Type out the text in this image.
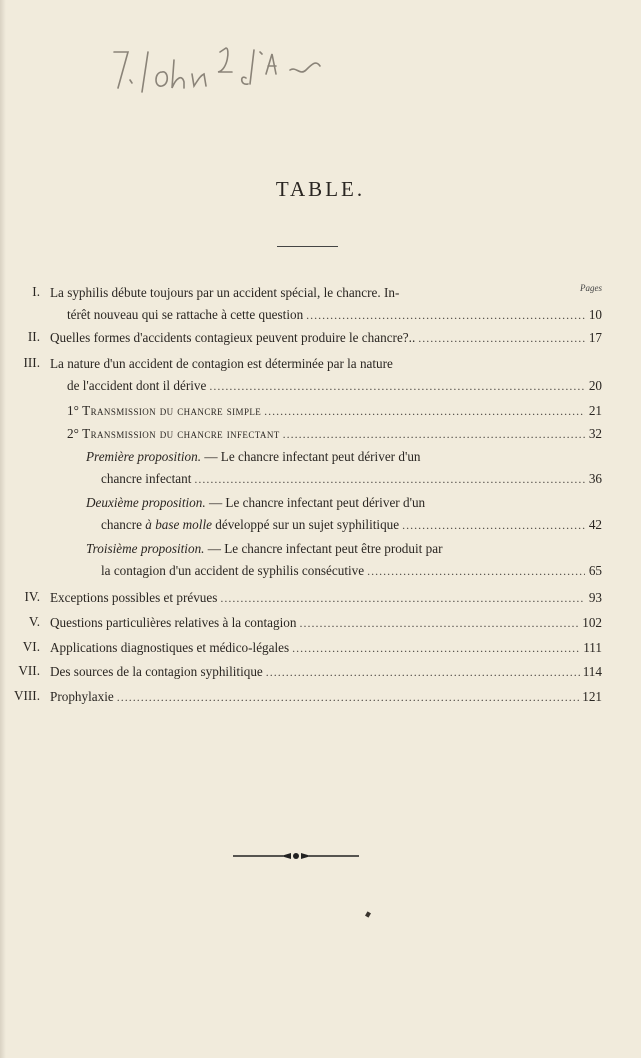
TABLE.
Pages
I. La syphilis débute toujours par un accident spécial, le chancre. In-
térêt nouveau qui se rattache à cette question .....	10
II. Quelles formes d'accidents contagieux peuvent produire le chancre?.. .....	17
III. La nature d'un accident de contagion est déterminée par la nature
de l'accident dont il dérive .....	20
1°
Transmission du chancre simple .....	21
2°
Transmission du chancre infectant .....	32
Première proposition.
— Le chancre infectant peut dériver d'un
chancre infectant .....	36
Deuxième proposition.
— Le chancre infectant peut dériver d'un
chancre
à base molle
développé sur un sujet syphilitique .....	42
Troisième proposition.
— Le chancre infectant peut être produit par
la contagion d'un accident de syphilis consécutive .....	65
IV. Exceptions possibles et prévues .....	93
V. Questions particulières relatives à la contagion .....	102
VI. Applications diagnostiques et médico-légales .....	111
VII. Des sources de la contagion syphilitique .....	114
VIII. Prophylaxie .....	121
